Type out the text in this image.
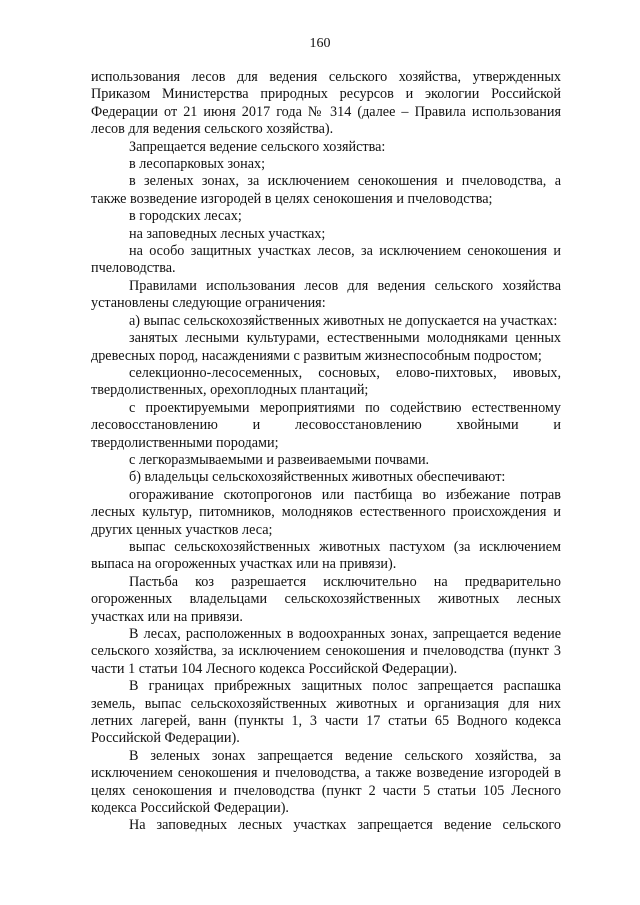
160

использования лесов для ведения сельского хозяйства, утвержденных Приказом Министерства природных ресурсов и экологии Российской Федерации от 21 июня 2017 года № 314 (далее – Правила использования лесов для ведения сельского хозяйства).

Запрещается ведение сельского хозяйства:

в лесопарковых зонах;

в зеленых зонах, за исключением сенокошения и пчеловодства, а также возведение изгородей в целях сенокошения и пчеловодства;

в городских лесах;

на заповедных лесных участках;

на особо защитных участках лесов, за исключением сенокошения и пчеловодства.

Правилами использования лесов для ведения сельского хозяйства установлены следующие ограничения:

а) выпас сельскохозяйственных животных не допускается на участках:

занятых лесными культурами, естественными молодняками ценных древесных пород, насаждениями с развитым жизнеспособным подростом;

селекционно-лесосеменных, сосновых, елово-пихтовых, ивовых, твердолиственных, орехоплодных плантаций;

с проектируемыми мероприятиями по содействию естественному лесовосстановлению и лесовосстановлению хвойными и твердолиственными породами;

с легкоразмываемыми и развеиваемыми почвами.

б) владельцы сельскохозяйственных животных обеспечивают:

огораживание скотопрогонов или пастбища во избежание потрав лесных культур, питомников, молодняков естественного происхождения и других ценных участков леса;

выпас сельскохозяйственных животных пастухом (за исключением выпаса на огороженных участках или на привязи).

Пастьба коз разрешается исключительно на предварительно огороженных владельцами сельскохозяйственных животных лесных участках или на привязи.

В лесах, расположенных в водоохранных зонах, запрещается ведение сельского хозяйства, за исключением сенокошения и пчеловодства (пункт 3 части 1 статьи 104 Лесного кодекса Российской Федерации).

В границах прибрежных защитных полос запрещается распашка земель, выпас сельскохозяйственных животных и организация для них летних лагерей, ванн (пункты 1, 3 части 17 статьи 65 Водного кодекса Российской Федерации).

В зеленых зонах запрещается ведение сельского хозяйства, за исключением сенокошения и пчеловодства, а также возведение изгородей в целях сенокошения и пчеловодства (пункт 2 части 5 статьи 105 Лесного кодекса Российской Федерации).

На заповедных лесных участках запрещается ведение сельского
